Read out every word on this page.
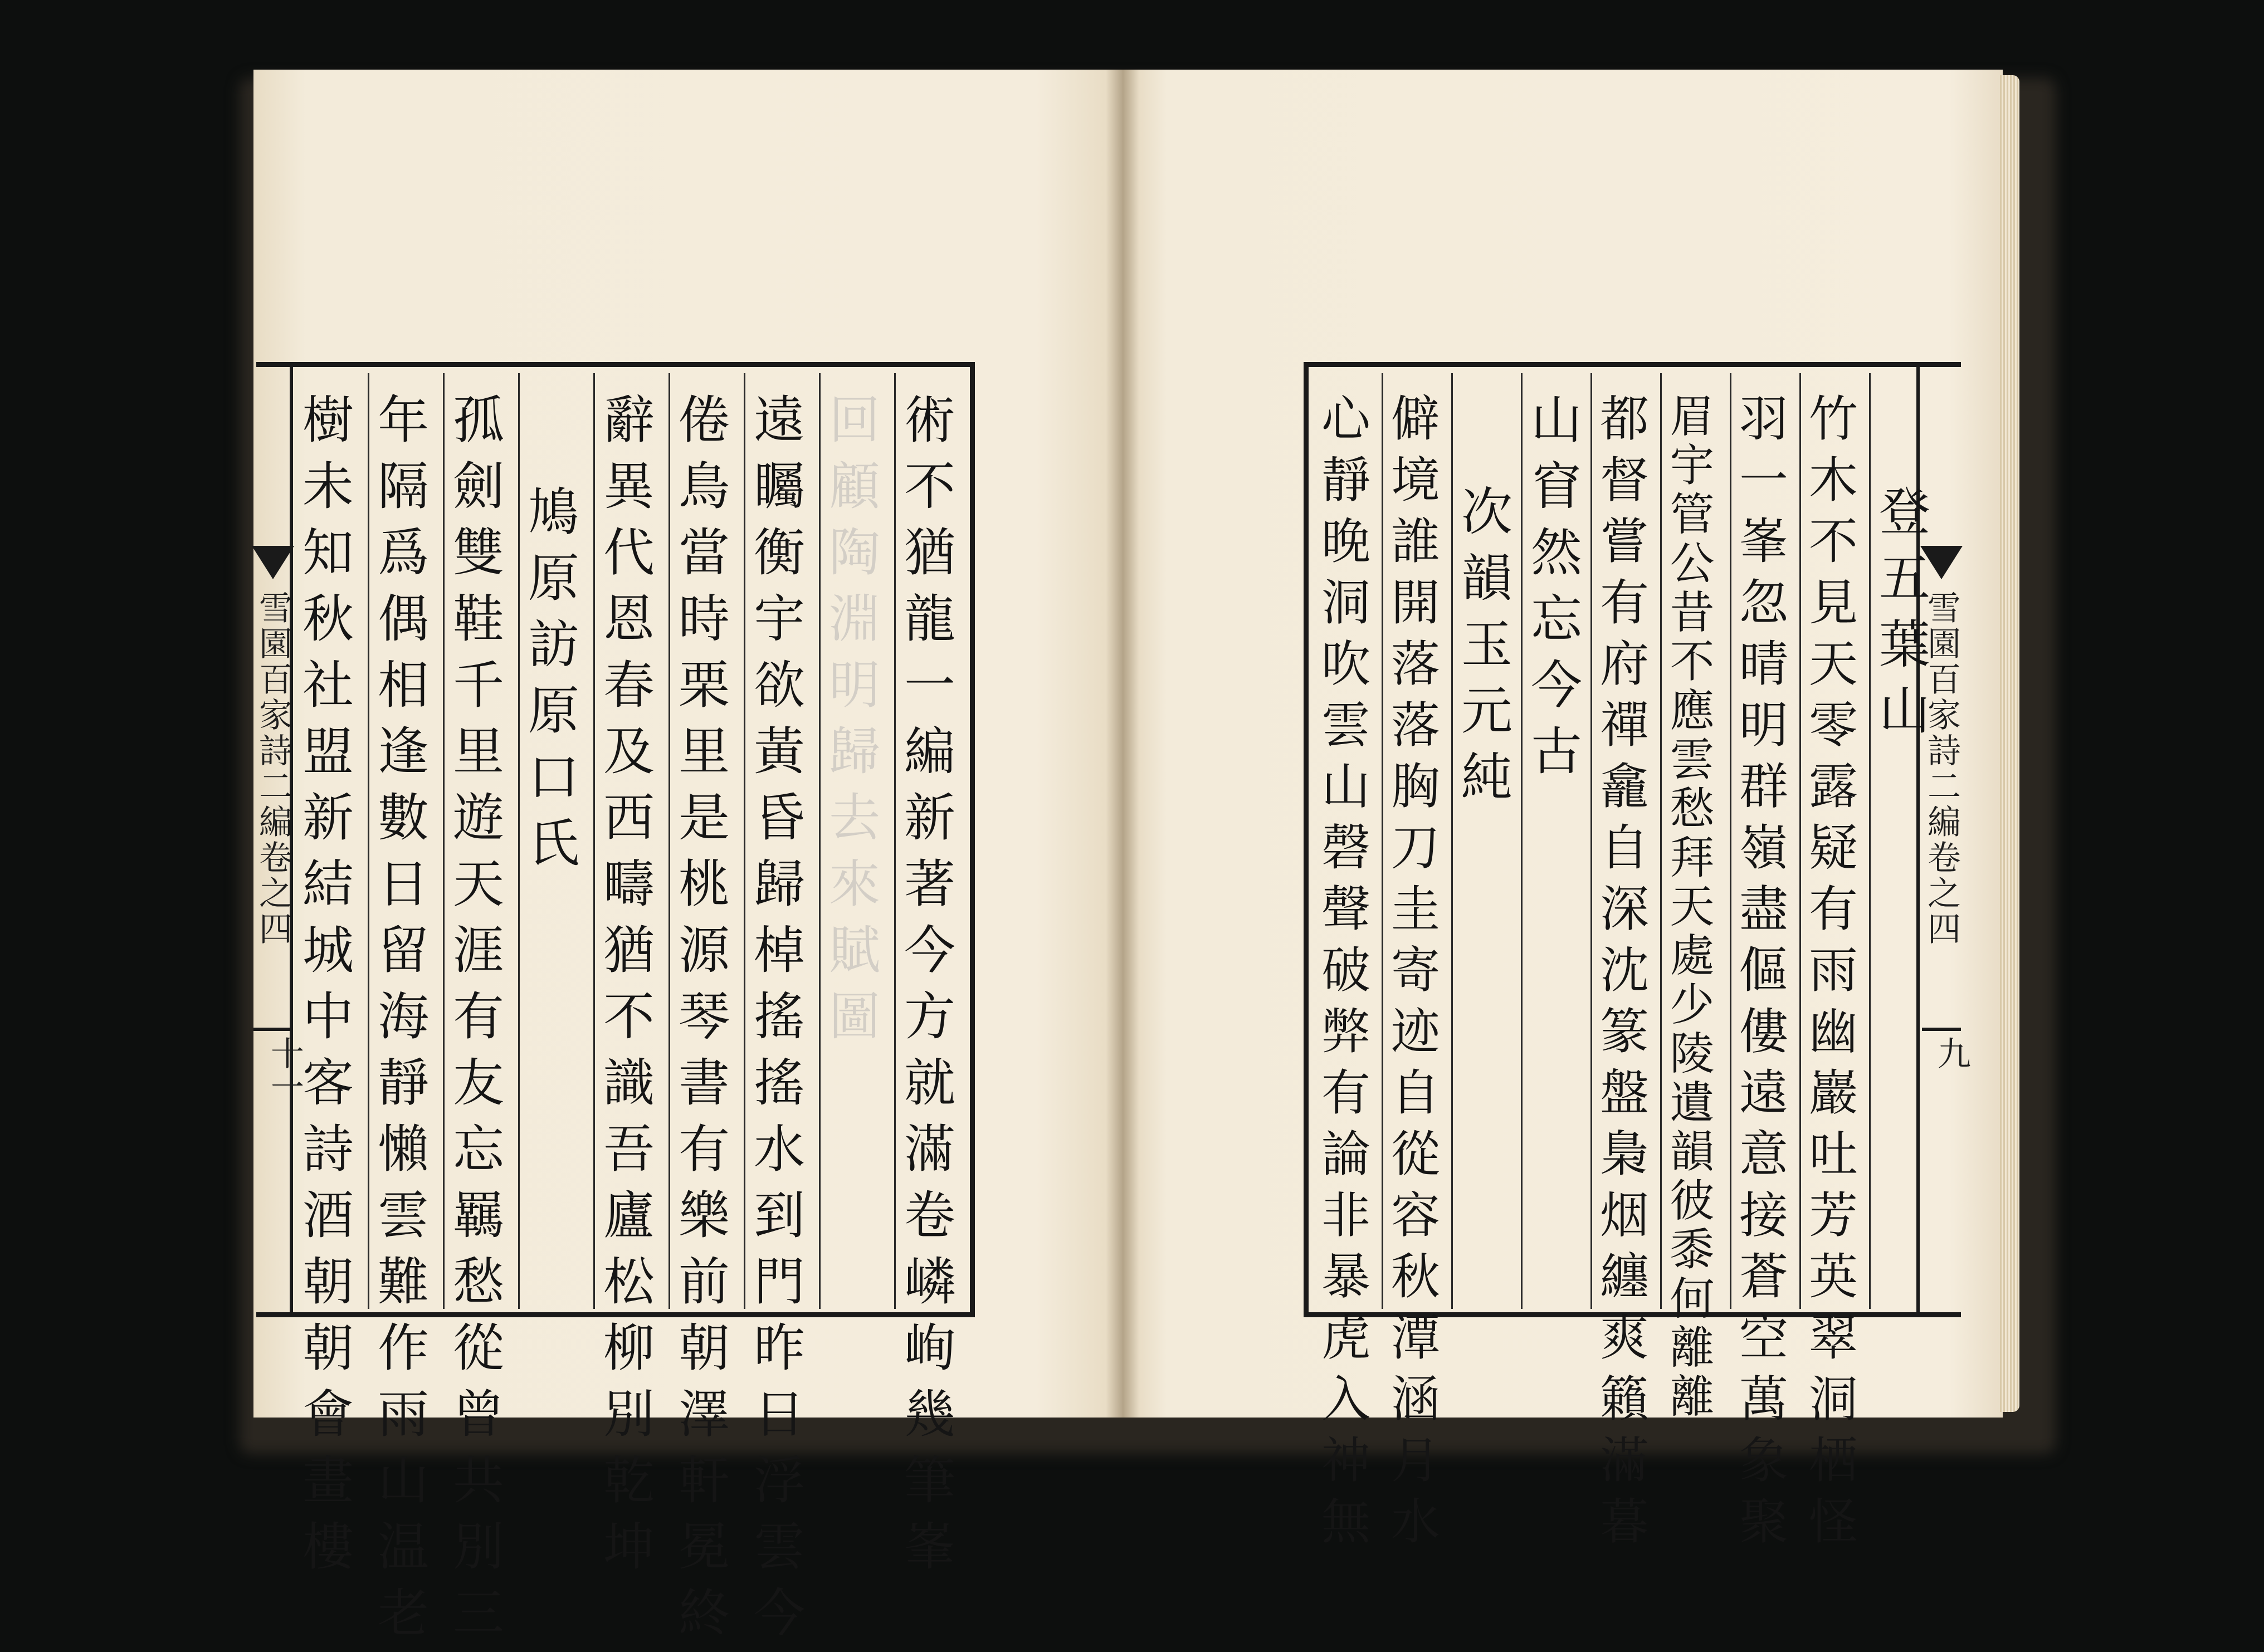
雪園百家詩二編卷之四
十一	術不猶龍一編新著今方就滿卷嶙峋幾筆峯
回顧陶淵明歸去來賦圖
遠矚衡宇欲黃昏歸棹搖搖水到門昨日浮雲今
倦鳥當時栗里是桃源琴書有樂前朝澤軒冕終
辭異代恩春及西疇猶不識吾廬松柳別乾坤
鳩原訪原口氏
孤劍雙鞋千里遊天涯有友忘羈愁從曾共別三
年隔爲偶相逢數日留海靜懶雲難作雨山温老
樹未知秋社盟新結城中客詩酒朝朝會畫樓	雪園百家詩二編卷之四
九
登五葉山
竹木不見天零露疑有雨幽巖吐芳英翠洞栖怪
羽一峯忽晴明群嶺盡傴僂遠意接蒼空萬象聚
眉宇管公昔不應雲愁拜天處少陵遺韻彼黍何離離
都督嘗有府禪龕自深沈篆盤梟烟纏爽籟滿暮
山窅然忘今古
次韻玉元純
僻境誰開落落胸刀圭寄迹自從容秋潭涵月水
心靜晚洞吹雲山磬聲破弊有論非暴虎入神無
